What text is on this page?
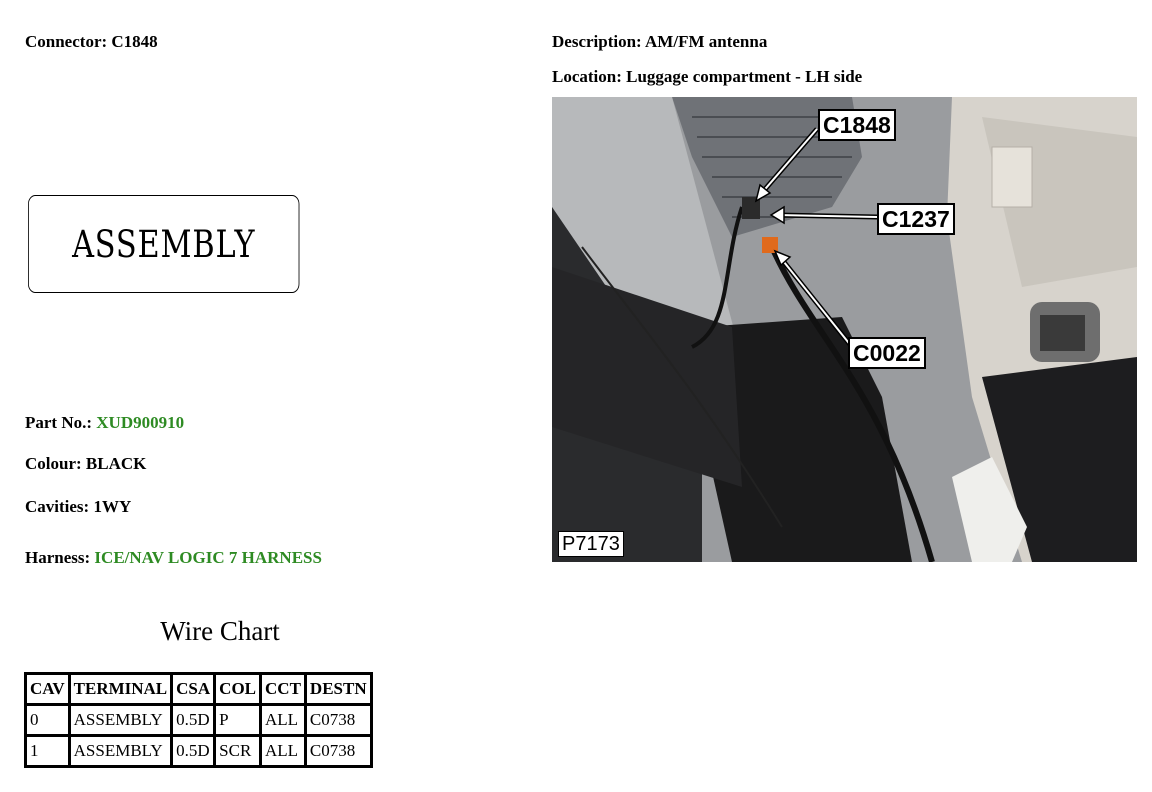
Connector: C1848	Description: AM/FM antenna
Location: Luggage compartment - LH side
ASSEMBLY
Part No.: XUD900910
Colour: BLACK
Cavities: 1WY
Harness: ICE/NAV LOGIC 7 HARNESS
Wire Chart
CAV	TERMINAL	CSA	COL	CCT	DESTN
0	ASSEMBLY	0.5D	P	ALL	C0738
1	ASSEMBLY	0.5D	SCR	ALL	C0738
C1848
C1237
C0022
P7173
